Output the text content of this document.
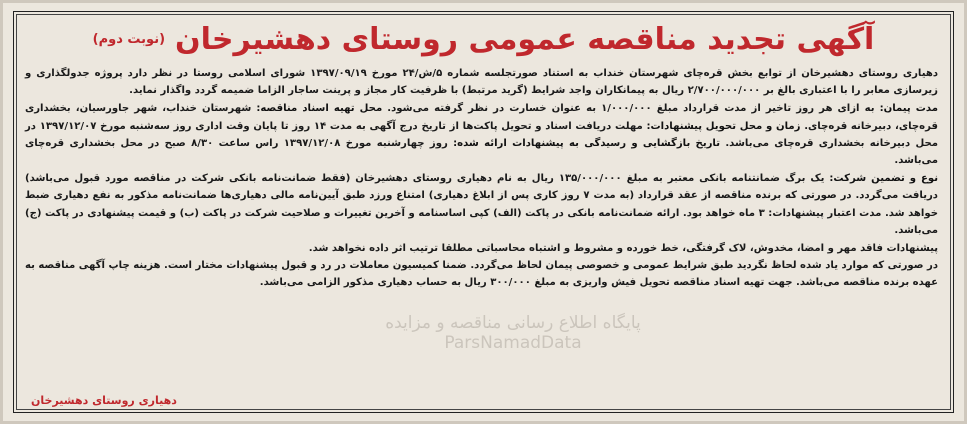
آگهی تجدید مناقصه عمومی روستای دهشیرخان
(نوبت دوم)

دهیاری روستای دهشیرخان از توابع بخش قره‌چای شهرستان خنداب به استناد صورتجلسه شماره ۵/ش/۲۴ مورخ ۱۳۹۷/۰۹/۱۹ شورای اسلامی روستا در نظر دارد پروژه جدولگذاری و زیرسازی معابر را با اعتباری بالغ بر ۲/۷۰۰/۰۰۰/۰۰۰ ریال به پیمانکاران واجد شرایط (گرید مرتبط) با ظرفیت کار مجاز و پرینت ساجار الزاما ضمیمه گردد واگذار نماید.

مدت پیمان: به ازای هر روز تاخیر از مدت قرارداد مبلغ ۱/۰۰۰/۰۰۰ به عنوان خسارت در نظر گرفته می‌شود. محل تهیه اسناد مناقصه: شهرستان خنداب، شهر جاورسیان، بخشداری قره‌چای، دبیرخانه قره‌چای. زمان و محل تحویل پیشنهادات: مهلت دریافت اسناد و تحویل پاکت‌ها از تاریخ درج آگهی به مدت ۱۴ روز تا پایان وقت اداری روز سه‌شنبه مورخ ۱۳۹۷/۱۲/۰۷ در محل دبیرخانه بخشداری قره‌چای می‌باشد. تاریخ بازگشایی و رسیدگی به پیشنهادات ارائه شده: روز چهارشنبه مورخ ۱۳۹۷/۱۲/۰۸ راس ساعت ۸/۳۰ صبح در محل بخشداری قره‌چای می‌باشد.

نوع و تضمین شرکت: یک برگ ضمانتنامه بانکی معتبر به مبلغ ۱۳۵/۰۰۰/۰۰۰ ریال به نام دهیاری روستای دهشیرخان (فقط ضمانت‌نامه بانکی شرکت در مناقصه مورد قبول می‌باشد) دریافت می‌گردد. در صورتی که برنده مناقصه از عقد قرارداد (به مدت ۷ روز کاری پس از ابلاغ دهیاری) امتناع ورزد طبق آیین‌نامه مالی دهیاری‌ها ضمانت‌نامه مذکور به نفع دهیاری ضبط خواهد شد. مدت اعتبار پیشنهادات: ۳ ماه خواهد بود. ارائه ضمانت‌نامه بانکی در پاکت (الف) کپی اساسنامه و آخرین تغییرات و صلاحیت شرکت در پاکت (ب) و قیمت پیشنهادی در پاکت (ج) می‌باشد.

پیشنهادات فاقد مهر و امضا، مخدوش، لاک گرفتگی، خط خورده و مشروط و اشتباه محاسباتی مطلقا ترتیب اثر داده نخواهد شد.

در صورتی که موارد یاد شده لحاظ نگردید طبق شرایط عمومی و خصوصی پیمان لحاظ می‌گردد. ضمنا کمیسیون معاملات در رد و قبول پیشنهادات مختار است. هزینه چاپ آگهی مناقصه به عهده برنده مناقصه می‌باشد. جهت تهیه اسناد مناقصه تحویل فیش واریزی به مبلغ ۳۰۰/۰۰۰ ریال به حساب دهیاری مذکور الزامی می‌باشد.

پایگاه اطلاع رسانی مناقصه و مزایده
ParsNamadData
دهیاری روستای دهشیرخان
